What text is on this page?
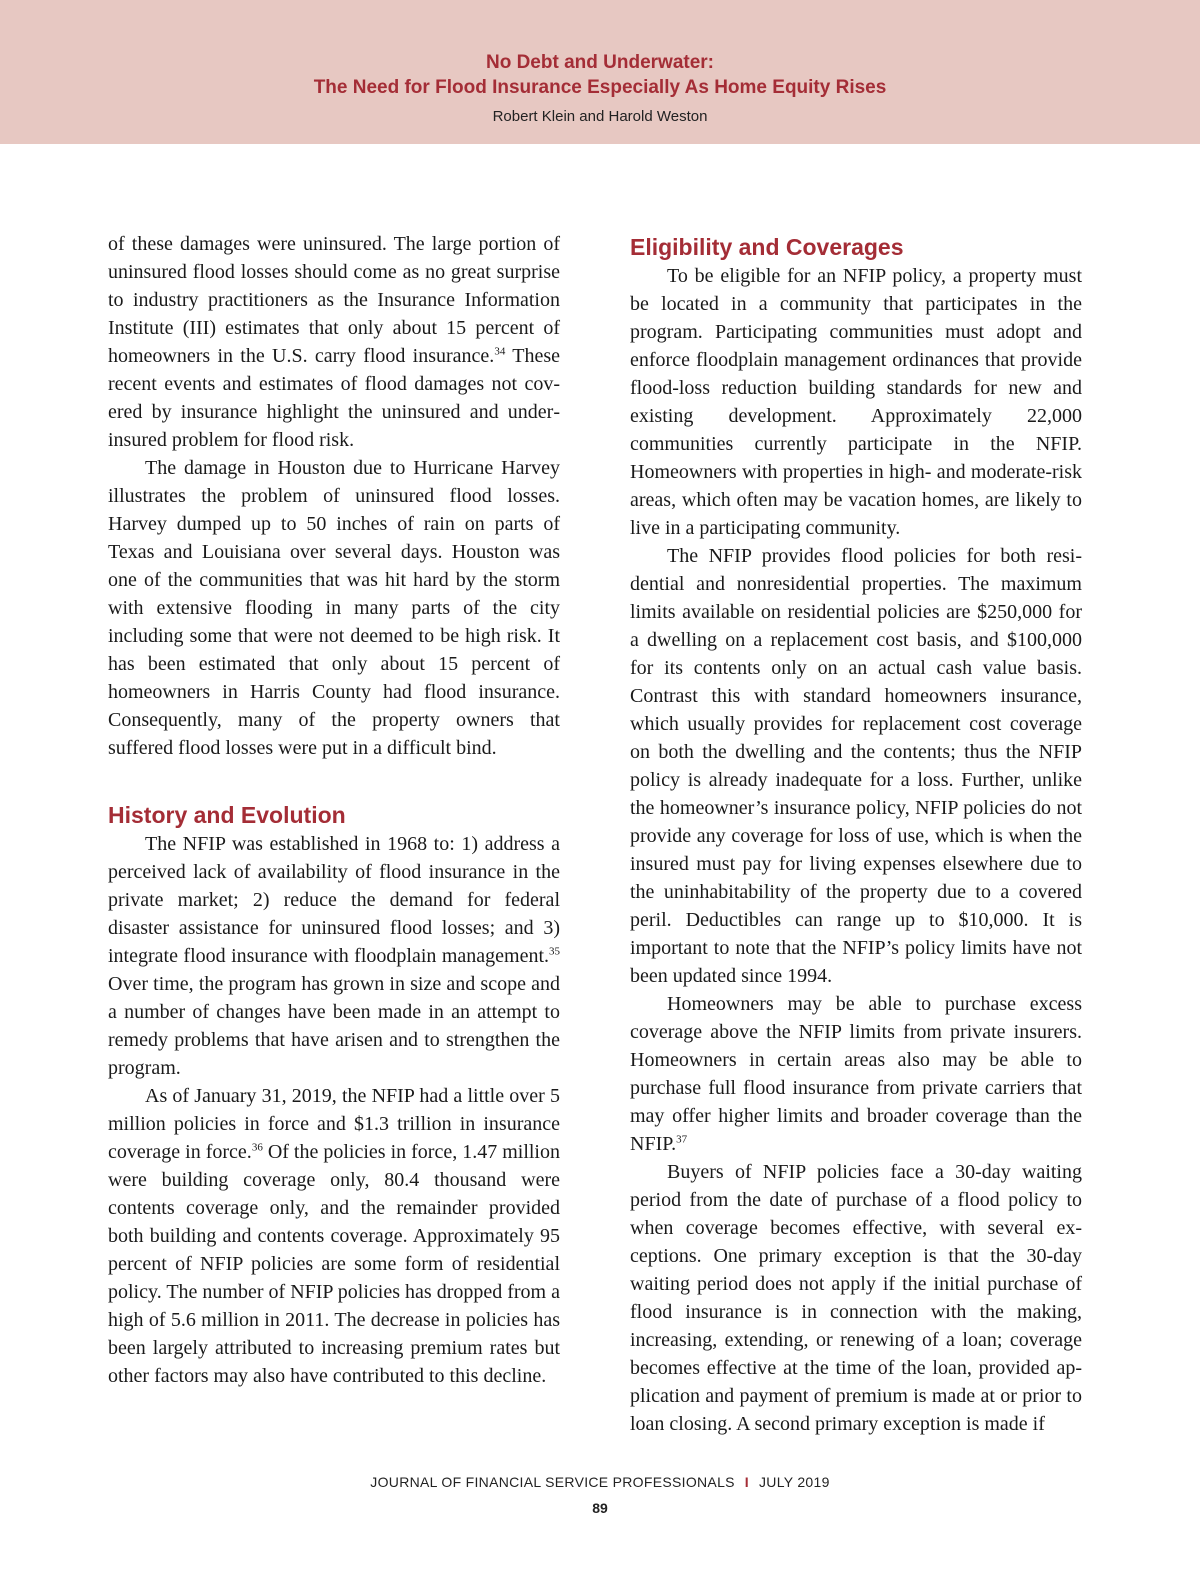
No Debt and Underwater:
The Need for Flood Insurance Especially As Home Equity Rises
Robert Klein and Harold Weston

of these damages were uninsured. The large portion of uninsured flood losses should come as no great surprise to industry practitioners as the Insurance Information Institute (III) estimates that only about 15 percent of homeowners in the U.S. carry flood insurance.$^{34}$ These recent events and estimates of flood damages not covered by insurance highlight the uninsured and underinsured problem for flood risk.

The damage in Houston due to Hurricane Harvey illustrates the problem of uninsured flood losses. Harvey dumped up to 50 inches of rain on parts of Texas and Louisiana over several days. Houston was one of the communities that was hit hard by the storm with extensive flooding in many parts of the city including some that were not deemed to be high risk. It has been estimated that only about 15 percent of homeowners in Harris County had flood insurance. Consequently, many of the property owners that suffered flood losses were put in a difficult bind.

History and Evolution

The NFIP was established in 1968 to: 1) address a perceived lack of availability of flood insurance in the private market; 2) reduce the demand for federal disaster assistance for uninsured flood losses; and 3) integrate flood insurance with floodplain management.$^{35}$ Over time, the program has grown in size and scope and a number of changes have been made in an attempt to remedy problems that have arisen and to strengthen the program.

As of January 31, 2019, the NFIP had a little over 5 million policies in force and $1.3 trillion in insurance coverage in force.$^{36}$ Of the policies in force, 1.47 million were building coverage only, 80.4 thousand were contents coverage only, and the remainder provided both building and contents coverage. Approximately 95 percent of NFIP policies are some form of residential policy. The number of NFIP policies has dropped from a high of 5.6 million in 2011. The decrease in policies has been largely attributed to increasing premium rates but other factors may also have contributed to this decline.

Eligibility and Coverages

To be eligible for an NFIP policy, a property must be located in a community that participates in the program. Participating communities must adopt and enforce floodplain management ordinances that provide flood-loss reduction building standards for new and existing development. Approximately 22,000 communities currently participate in the NFIP. Homeowners with properties in high- and moderate-risk areas, which often may be vacation homes, are likely to live in a participating community.

The NFIP provides flood policies for both residential and nonresidential properties. The maximum limits available on residential policies are $250,000 for a dwelling on a replacement cost basis, and $100,000 for its contents only on an actual cash value basis. Contrast this with standard homeowners insurance, which usually provides for replacement cost coverage on both the dwelling and the contents; thus the NFIP policy is already inadequate for a loss. Further, unlike the homeowner’s insurance policy, NFIP policies do not provide any coverage for loss of use, which is when the insured must pay for living expenses elsewhere due to the uninhabitability of the property due to a covered peril. Deductibles can range up to $10,000. It is important to note that the NFIP’s policy limits have not been updated since 1994.

Homeowners may be able to purchase excess coverage above the NFIP limits from private insurers. Homeowners in certain areas also may be able to purchase full flood insurance from private carriers that may offer higher limits and broader coverage than the NFIP.$^{37}$

Buyers of NFIP policies face a 30-day waiting period from the date of purchase of a flood policy to when coverage becomes effective, with several exceptions. One primary exception is that the 30-day waiting period does not apply if the initial purchase of flood insurance is in connection with the making, increasing, extending, or renewing of a loan; coverage becomes effective at the time of the loan, provided application and payment of premium is made at or prior to loan closing. A second primary exception is made if

JOURNAL OF FINANCIAL SERVICE PROFESSIONALS I JULY 2019
89
